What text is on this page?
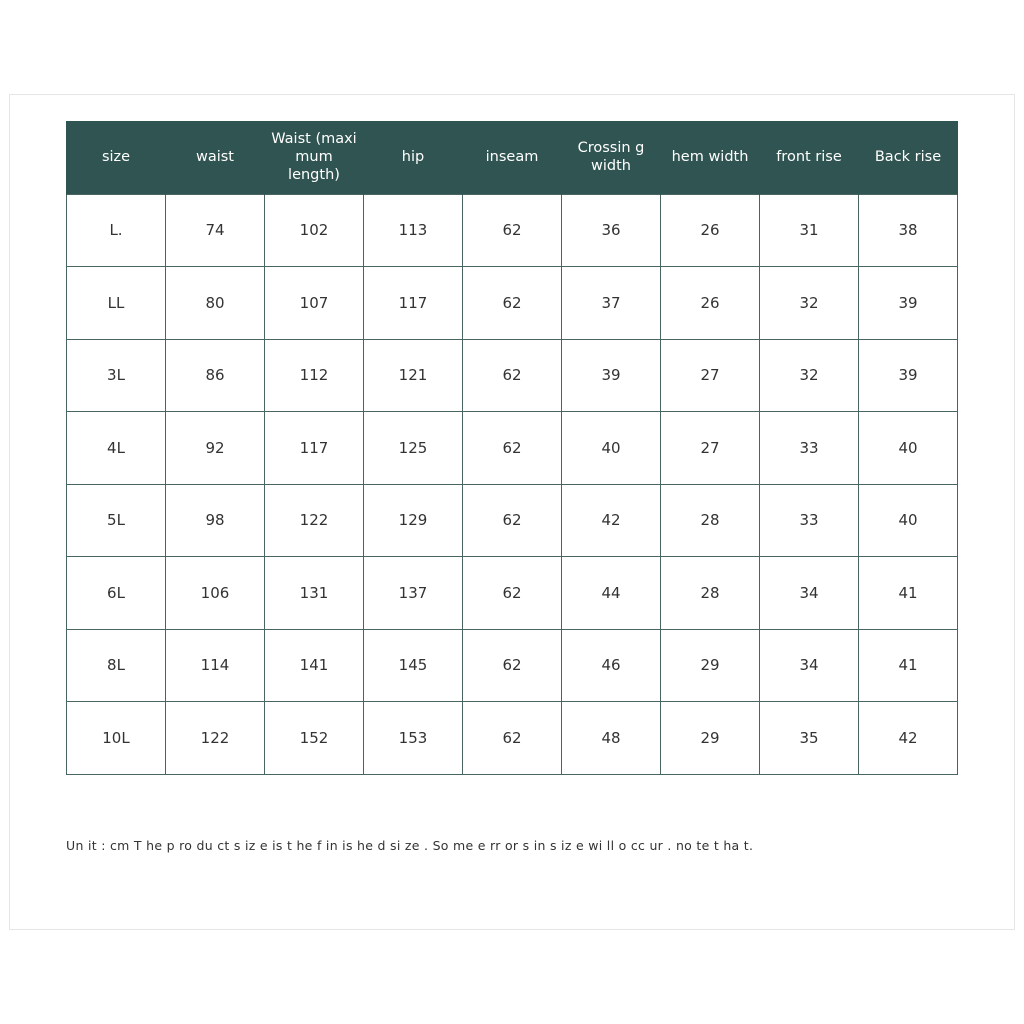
size	waist	Waist (maxi mum length)	hip	inseam	Crossin g width	hem width	front rise	Back rise
L.	74	102	113	62	36	26	31	38
LL	80	107	117	62	37	26	32	39
3L	86	112	121	62	39	27	32	39
4L	92	117	125	62	40	27	33	40
5L	98	122	129	62	42	28	33	40
6L	106	131	137	62	44	28	34	41
8L	114	141	145	62	46	29	34	41
10L	122	152	153	62	48	29	35	42
Un it : cm T he p ro du ct s iz e is t he f in is he d si ze . So me e rr or s in s iz e wi ll o cc ur . no te t ha t.
